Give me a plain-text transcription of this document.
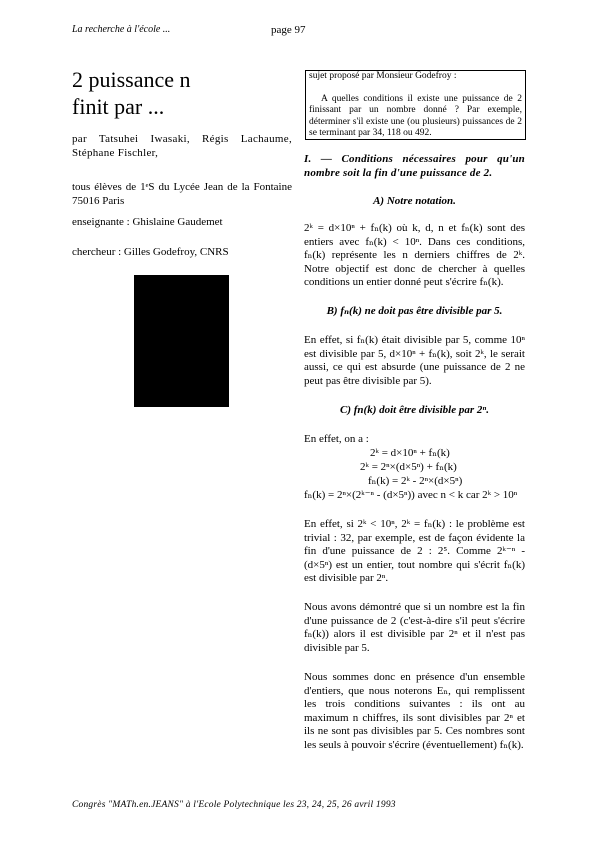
La recherche à l'école ...	page 97
2 puissance n
finit par ...
par Tatsuhei Iwasaki, Régis Lachaume, Stéphane Fischler,
tous élèves de 1ᵉS du Lycée Jean de la Fontaine 75016 Paris
enseignante : Ghislaine Gaudemet
chercheur : Gilles Godefroy, CNRS
sujet proposé par Monsieur Godefroy :
A quelles conditions il existe une puissance de 2 finissant par un nombre donné ? Par exemple, déterminer s'il existe une (ou plusieurs) puissances de 2 se terminant par 34, 118 ou 492.
I. — Conditions nécessaires pour qu'un nombre soit la fin d'une puissance de 2.
A) Notre notation.
2ᵏ = d×10ⁿ + fₙ(k) où k, d, n et fₙ(k) sont des entiers avec fₙ(k) < 10ⁿ. Dans ces conditions, fₙ(k) représente les n derniers chiffres de 2ᵏ. Notre objectif est donc de chercher à quelles conditions un entier donné peut s'écrire fₙ(k).
B) fₙ(k) ne doit pas être divisible par 5.
En effet, si fₙ(k) était divisible par 5, comme 10ⁿ est divisible par 5, d×10ⁿ + fₙ(k), soit 2ᵏ, le serait aussi, ce qui est absurde (une puissance de 2 ne peut pas être divisible par 5).
C) fn(k) doit être divisible par 2ⁿ.
En effet, on a :
2ᵏ = d×10ⁿ + fₙ(k)
2ᵏ = 2ⁿ×(d×5ⁿ) + fₙ(k)
fₙ(k) = 2ᵏ - 2ⁿ×(d×5ⁿ)
fₙ(k) = 2ⁿ×(2ᵏ⁻ⁿ - (d×5ⁿ)) avec n < k car 2ᵏ > 10ⁿ
En effet, si 2ᵏ < 10ⁿ, 2ᵏ = fₙ(k) : le problème est trivial : 32, par exemple, est de façon évidente la fin d'une puissance de 2 : 2⁵. Comme 2ᵏ⁻ⁿ - (d×5ⁿ) est un entier, tout nombre qui s'écrit fₙ(k) est divisible par 2ⁿ.
Nous avons démontré que si un nombre est la fin d'une puissance de 2 (c'est-à-dire s'il peut s'écrire fₙ(k)) alors il est divisible par 2ⁿ et il n'est pas divisible par 5.
Nous sommes donc en présence d'un ensemble d'entiers, que nous noterons Eₙ, qui remplissent les trois conditions suivantes : ils ont au maximum n chiffres, ils sont divisibles par 2ⁿ et ils ne sont pas divisibles par 5. Ces nombres sont les seuls à pouvoir s'écrire (éventuellement) fₙ(k).
Congrès "MATh.en.JEANS" à l'Ecole Polytechnique les 23, 24, 25, 26 avril 1993
